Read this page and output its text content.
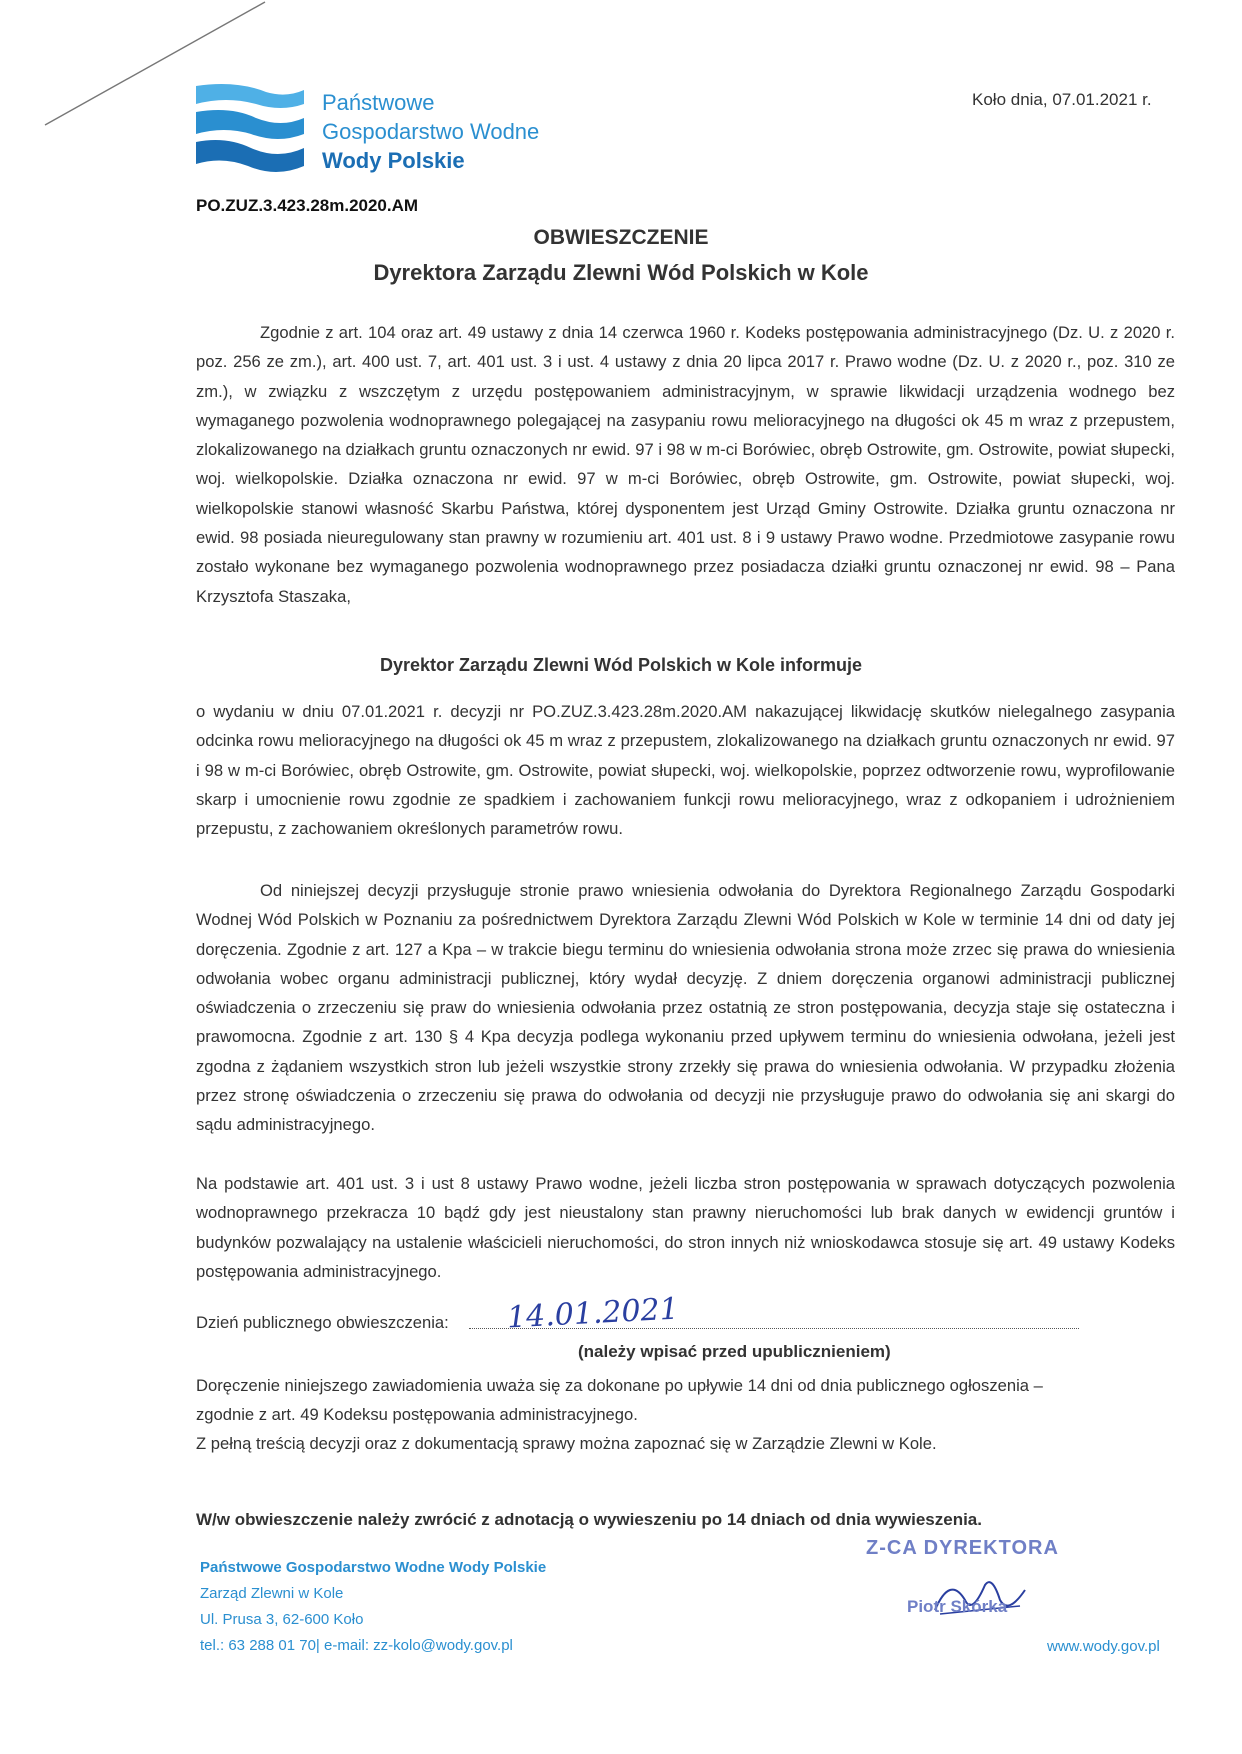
Państwowe
Gospodarstwo Wodne
Wody Polskie
Koło dnia, 07.01.2021 r.
PO.ZUZ.3.423.28m.2020.AM
OBWIESZCZENIE
Dyrektora Zarządu Zlewni Wód Polskich w Kole

Zgodnie z art. 104 oraz art. 49 ustawy z dnia 14 czerwca 1960 r. Kodeks postępowania administracyjnego (Dz. U. z 2020 r. poz. 256 ze zm.), art. 400 ust. 7, art. 401 ust. 3 i ust. 4 ustawy z dnia 20 lipca 2017 r. Prawo wodne (Dz. U. z 2020 r., poz. 310 ze zm.), w związku z wszczętym z urzędu postępowaniem administracyjnym, w sprawie likwidacji urządzenia wodnego bez wymaganego pozwolenia wodnoprawnego polegającej na zasypaniu rowu melioracyjnego na długości ok 45 m wraz z przepustem, zlokalizowanego na działkach gruntu oznaczonych nr ewid. 97 i 98 w m-ci Borówiec, obręb Ostrowite, gm. Ostrowite, powiat słupecki, woj. wielkopolskie. Działka oznaczona nr ewid. 97 w m-ci Borówiec, obręb Ostrowite, gm. Ostrowite, powiat słupecki, woj. wielkopolskie stanowi własność Skarbu Państwa, której dysponentem jest Urząd Gminy Ostrowite. Działka gruntu oznaczona nr ewid. 98 posiada nieuregulowany stan prawny w rozumieniu art. 401 ust. 8 i 9 ustawy Prawo wodne. Przedmiotowe zasypanie rowu zostało wykonane bez wymaganego pozwolenia wodnoprawnego przez posiadacza działki gruntu oznaczonej nr ewid. 98 – Pana Krzysztofa Staszaka,

Dyrektor Zarządu Zlewni Wód Polskich w Kole informuje

o wydaniu w dniu 07.01.2021 r. decyzji nr PO.ZUZ.3.423.28m.2020.AM nakazującej likwidację skutków nielegalnego zasypania odcinka rowu melioracyjnego na długości ok 45 m wraz z przepustem, zlokalizowanego na działkach gruntu oznaczonych nr ewid. 97 i 98 w m-ci Borówiec, obręb Ostrowite, gm. Ostrowite, powiat słupecki, woj. wielkopolskie, poprzez odtworzenie rowu, wyprofilowanie skarp i umocnienie rowu zgodnie ze spadkiem i zachowaniem funkcji rowu melioracyjnego, wraz z odkopaniem i udrożnieniem przepustu, z zachowaniem określonych parametrów rowu.

Od niniejszej decyzji przysługuje stronie prawo wniesienia odwołania do Dyrektora Regionalnego Zarządu Gospodarki Wodnej Wód Polskich w Poznaniu za pośrednictwem Dyrektora Zarządu Zlewni Wód Polskich w Kole w terminie 14 dni od daty jej doręczenia. Zgodnie z art. 127 a Kpa – w trakcie biegu terminu do wniesienia odwołania strona może zrzec się prawa do wniesienia odwołania wobec organu administracji publicznej, który wydał decyzję. Z dniem doręczenia organowi administracji publicznej oświadczenia o zrzeczeniu się praw do wniesienia odwołania przez ostatnią ze stron postępowania, decyzja staje się ostateczna i prawomocna. Zgodnie z art. 130 § 4 Kpa decyzja podlega wykonaniu przed upływem terminu do wniesienia odwołana, jeżeli jest zgodna z żądaniem wszystkich stron lub jeżeli wszystkie strony zrzekły się prawa do wniesienia odwołania. W przypadku złożenia przez stronę oświadczenia o zrzeczeniu się prawa do odwołania od decyzji nie przysługuje prawo do odwołania się ani skargi do sądu administracyjnego.

Na podstawie art. 401 ust. 3 i ust 8 ustawy Prawo wodne, jeżeli liczba stron postępowania w sprawach dotyczących pozwolenia wodnoprawnego przekracza 10 bądź gdy jest nieustalony stan prawny nieruchomości lub brak danych w ewidencji gruntów i budynków pozwalający na ustalenie właścicieli nieruchomości, do stron innych niż wnioskodawca stosuje się art. 49 ustawy Kodeks postępowania administracyjnego.

Dzień publicznego obwieszczenia: 14.01.2021
(należy wpisać przed upublicznieniem)
Doręczenie niniejszego zawiadomienia uważa się za dokonane po upływie 14 dni od dnia publicznego ogłoszenia –
zgodnie z art. 49 Kodeksu postępowania administracyjnego.
Z pełną treścią decyzji oraz z dokumentacją sprawy można zapoznać się w Zarządzie Zlewni w Kole.
W/w obwieszczenie należy zwrócić z adnotacją o wywieszeniu po 14 dniach od dnia wywieszenia.
Państwowe Gospodarstwo Wodne Wody Polskie
Zarząd Zlewni w Kole
Ul. Prusa 3, 62-600 Koło
tel.: 63 288 01 70| e-mail: zz-kolo@wody.gov.pl
Z-CA DYREKTORA
Piotr Skórka
www.wody.gov.pl
